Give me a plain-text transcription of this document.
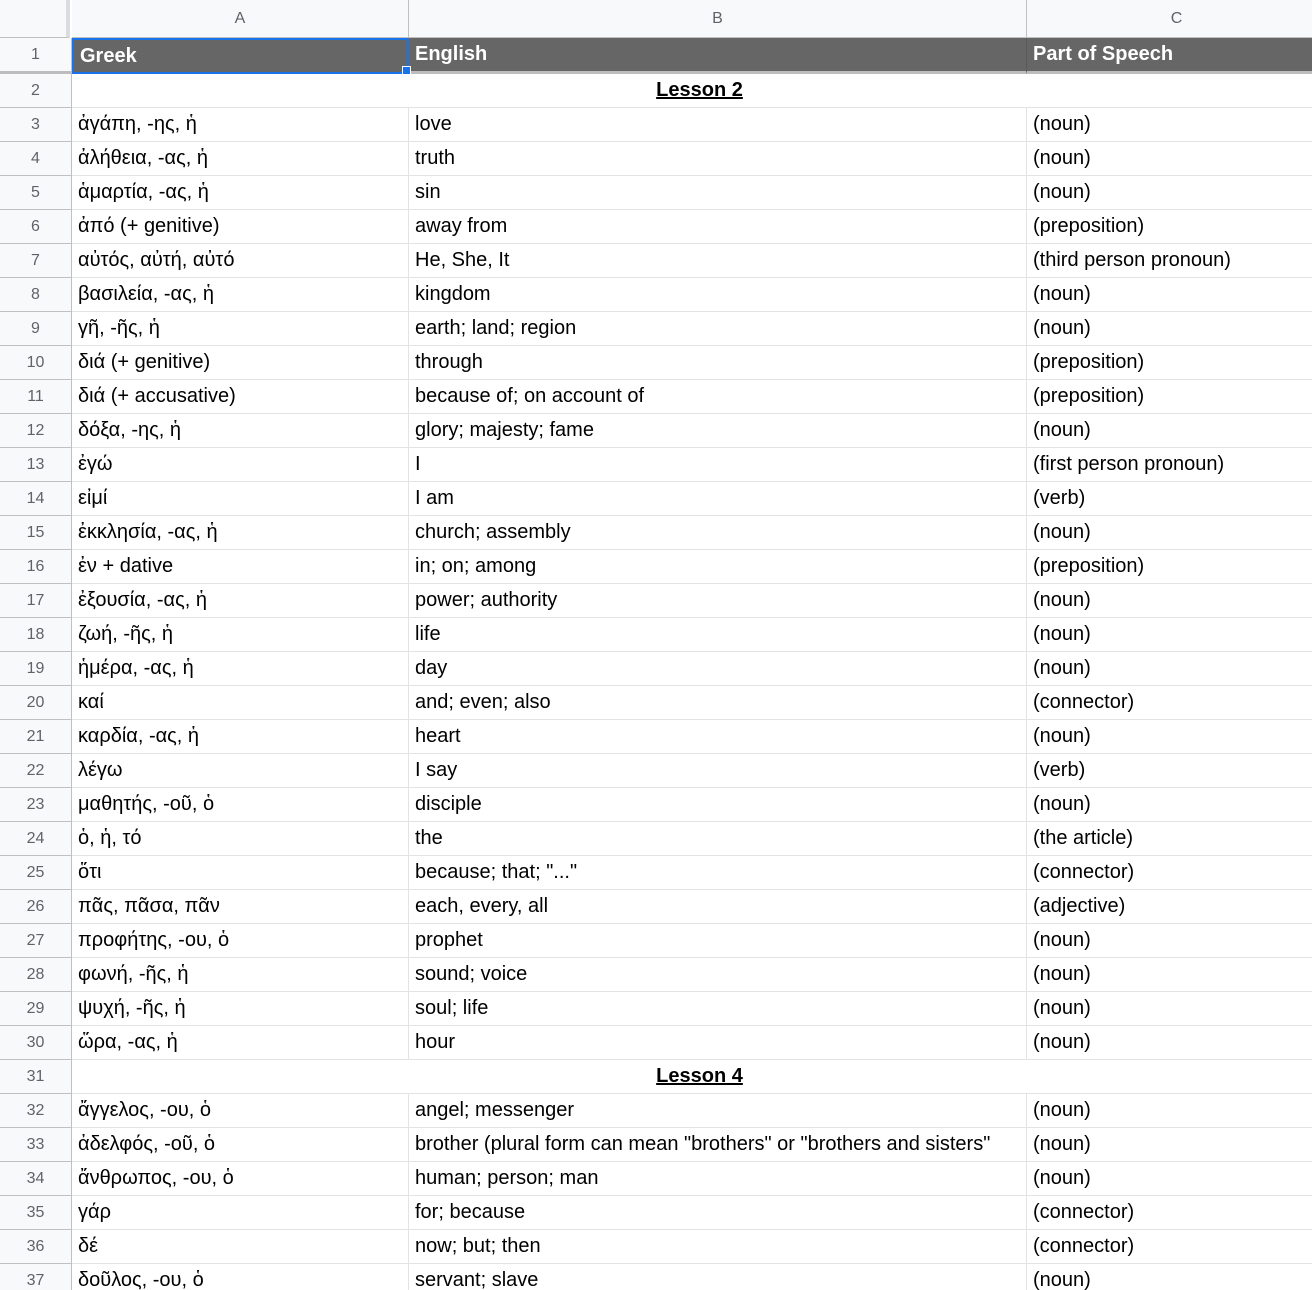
A	B	C
1	Greek	English	Part of Speech
2	Lesson 2
3	ἀγάπη, -ης, ἡ	love	(noun)
4	ἀλήθεια, -ας, ἡ	truth	(noun)
5	ἁμαρτία, -ας, ἡ	sin	(noun)
6	ἀπό (+ genitive)	away from	(preposition)
7	αὐτός, αὐτή, αὐτό	He, She, It	(third person pronoun)
8	βασιλεία, -ας, ἡ	kingdom	(noun)
9	γῆ, -ῆς, ἡ	earth; land; region	(noun)
10	διά (+ genitive)	through	(preposition)
11	διά (+ accusative)	because of; on account of	(preposition)
12	δόξα, -ης, ἡ	glory; majesty; fame	(noun)
13	ἐγώ	I	(first person pronoun)
14	εἰμί	I am	(verb)
15	ἐκκλησία, -ας, ἡ	church; assembly	(noun)
16	ἐν + dative	in; on; among	(preposition)
17	ἐξουσία, -ας, ἡ	power; authority	(noun)
18	ζωή, -ῆς, ἡ	life	(noun)
19	ἡμέρα, -ας, ἡ	day	(noun)
20	καί	and; even; also	(connector)
21	καρδία, -ας, ἡ	heart	(noun)
22	λέγω	I say	(verb)
23	μαθητής, -οῦ, ὁ	disciple	(noun)
24	ὁ, ἡ, τό	the	(the article)
25	ὅτι	because; that; "..."	(connector)
26	πᾶς, πᾶσα, πᾶν	each, every, all	(adjective)
27	προφήτης, -ου, ὁ	prophet	(noun)
28	φωνή, -ῆς, ἡ	sound; voice	(noun)
29	ψυχή, -ῆς, ἡ	soul; life	(noun)
30	ὥρα, -ας, ἡ	hour	(noun)
31	Lesson 4
32	ἄγγελος, -ου, ὁ	angel; messenger	(noun)
33	ἀδελφός, -οῦ, ὁ	brother (plural form can mean "brothers" or "brothers and sisters"	(noun)
34	ἄνθρωπος, -ου, ὁ	human; person; man	(noun)
35	γάρ	for; because	(connector)
36	δέ	now; but; then	(connector)
37	δοῦλος, -ου, ὁ	servant; slave	(noun)
